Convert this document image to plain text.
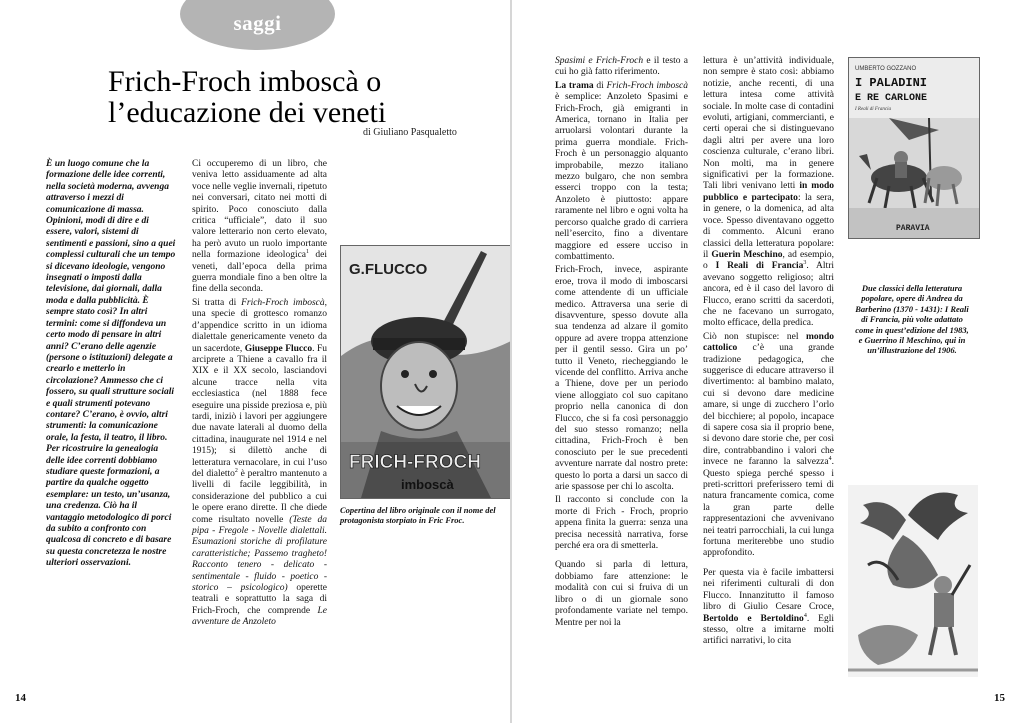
saggi
Frich-Froch imboscà o
l’educazione dei veneti
di Giuliano Pasqualetto

È un luogo comune che la formazione delle idee correnti, nella società moderna, avvenga attraverso i mezzi di comunicazione di massa. Opinioni, modi di dire e di essere, valori, sistemi di sentimenti e passioni, sino a quei complessi culturali che un tempo si dicevano ideologie, vengono insegnati o imposti dalla televisione, dai giornali, dalla moda e dalla pubblicità. È sempre stato così? In altri termini: come si diffondeva un certo modo di pensare in altri anni? C’erano delle agenzie (persone o istituzioni) delegate a crearlo e metterlo in circolazione? Ammesso che ci fossero, su quali strutture sociali e quali strumenti potevano contare? C’erano, è ovvio, altri strumenti: la comunicazione orale, la festa, il teatro, il libro. Per ricostruire la genealogia delle idee correnti dobbiamo studiare queste formazioni, a partire da qualche oggetto esemplare: un testo, un’usanza, una credenza. Ciò ha il vantaggio metodologico di porci da subito a confronto con qualcosa di concreto e di basare su questa concretezza le nostre ulteriori osservazioni.

Ci occuperemo di un libro, che veniva letto assiduamente ad alta voce nelle veglie invernali, ripetuto nei conversari, citato nei motti di spirito. Poco conosciuto dalla critica “ufficiale”, dato il suo valore letterario non certo elevato, ha però avuto un ruolo importante nella formazione ideologica$^1$ dei veneti, dall’epoca della prima guerra mondiale fino a ben oltre la fine della seconda.

Si tratta di Frich-Froch imboscà, una specie di grottesco romanzo d’appendice scritto in un idioma dialettale genericamente veneto da un sacerdote, Giuseppe Flucco. Fu arciprete a Thiene a cavallo fra il XIX e il XX secolo, lasciandovi alcune tracce nella vita ecclesiastica (nel 1888 fece eseguire una pisside preziosa e, più tardi, iniziò i lavori per aggiungere due navate laterali al duomo della cittadina, inaugurate nel 1914 e nel 1915); si dilettò anche di letteratura vernacolare, in cui l’uso del dialetto$^2$ è peraltro mantenuto a livelli di facile leggibilità, in considerazione del pubblico a cui le opere erano dirette. Il che diede come risultato novelle (Teste da pipa - Fregole - Novelle dialettali. Esumazioni storiche di profilature caratteristiche; Passemo tragheto! Racconto tenero - delicato - sentimentale - fluido - poetico - storico – psicologico) operette teatrali e soprattutto la saga di Frich-Froch, che comprende Le avventure de Anzoleto

G.FLUCCO
FRICH-FROCH
imboscà
Copertina del libro originale con il nome del protagonista storpiato in Fric Froc.
14

Spasimi e Frich-Froch e il testo a cui ho già fatto riferimento.

La trama di Frich-Froch imboscà è semplice: Anzoleto Spasimi e Frich-Froch, già emigranti in America, tornano in Italia per arruolarsi volontari durante la prima guerra mondiale. Frich-Froch è un personaggio alquanto improbabile, mezzo italiano mezzo bulgaro, che non sembra esserci troppo con la testa; Anzoleto è piuttosto: appare raramente nel libro e ogni volta ha percorso qualche grado di carriera nell’esercito, fino a diventare maggiore ed essere ucciso in combattimento.

Frich-Froch, invece, aspirante eroe, trova il modo di imboscarsi come attendente di un ufficiale medico. Attraversa una serie di disavventure, spesso dovute alla sua tendenza ad alzare il gomito oppure ad avere troppa attenzione per il gentil sesso. Gira un po’ tutto il Veneto, riecheggiando le vicende del conflitto. Arriva anche a Thiene, dove per un periodo viene alloggiato col suo capitano proprio nella canonica di don Flucco, che si fa così personaggio del suo stesso romanzo; nella cittadina, Frich-Froch è ben conosciuto per le sue precedenti avventure narrate dal nostro prete: questo lo porta a darsi un sacco di arie spassose per chi lo ascolta.

Il racconto si conclude con la morte di Frich - Froch, proprio appena finita la guerra: senza una precisa necessità narrativa, forse perché era ora di smetterla.

Quando si parla di lettura, dobbiamo fare attenzione: le modalità con cui si fruiva di un libro o di un giornale sono profondamente variate nel tempo. Mentre per noi la

lettura è un’attività individuale, non sempre è stato così: abbiamo notizie, anche recenti, di una lettura intesa come attività sociale. In molte case di contadini evoluti, artigiani, commercianti, e certi operai che si distinguevano dagli altri per avere una loro coscienza culturale, c’erano libri. Non molti, ma in genere significativi per la formazione. Tali libri venivano letti in modo pubblico e partecipato: la sera, in genere, o la domenica, ad alta voce. Spesso diventavano oggetto di commento. Alcuni erano classici della letteratura popolare: il Guerin Meschino, ad esempio, o I Reali di Francia$^3$. Altri avevano soggetto religioso; altri ancora, ed è il caso del lavoro di Flucco, erano scritti da sacerdoti, che ne facevano un surrogato, molto efficace, della predica.

Ciò non stupisce: nel mondo cattolico c’è una grande tradizione pedagogica, che suggerisce di educare attraverso il divertimento: al bambino malato, cui si devono dare medicine amare, si unge di zucchero l’orlo del bicchiere; al popolo, incapace di sapere cosa sia il proprio bene, si devono dare storie che, per così dire, contrabbandino i valori che invece ne faranno la salvezza$^4$. Questo spiega perché spesso i preti-scrittori preferissero temi di natura francamente comica, come la gran parte delle rappresentazioni che avvenivano nei teatri parrocchiali, la cui lunga fortuna meriterebbe uno studio approfondito.

Per questa via è facile imbattersi nei riferimenti culturali di don Flucco. Innanzitutto il famoso libro di Giulio Cesare Croce, Bertoldo e Bertoldino$^4$. Egli stesso, oltre a imitarne molti artifici narrativi, lo cita

UMBERTO GOZZANO
I PALADINI
E RE CARLONE
I Reali di Francia
PARAVIA
Due classici della letteratura popolare, opere di Andrea da Barberino (1370 - 1431): I Reali di Francia, più volte adattato come in quest’edizione del 1983, e Guerrino il Meschino, qui in un’illustrazione del 1906.
15
